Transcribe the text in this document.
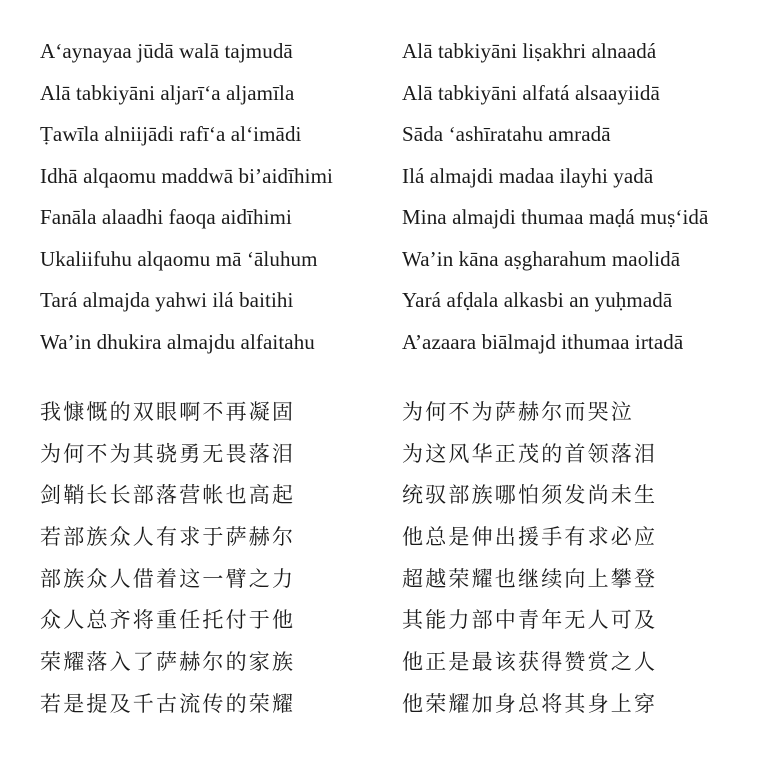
A‘aynayaa jūdā walā tajmudā
Alā tabkiyāni aljarī‘a aljamīla
Ṭawīla alniijādi rafī‘a al‘imādi
Idhā alqaomu maddwā bi’aidīhimi
Fanāla alaadhi faoqa aidīhimi
Ukaliifuhu alqaomu mā ‘āluhum
Tará almajda yahwi ilá baitihi
Wa’in dhukira almajdu alfaitahu
Alā tabkiyāni liṣakhri alnaadá
Alā tabkiyāni alfatá alsaayiidā
Sāda ‘ashīratahu amradā
Ilá almajdi madaa ilayhi yadā
Mina almajdi thumaa maḍá muṣ‘idā
Wa’in kāna aṣgharahum maolidā
Yará afḍala alkasbi an yuḥmadā
A’azaara biālmajd ithumaa irtadā
我慷慨的双眼啊不再凝固
为何不为其骁勇无畏落泪
剑鞘长长部落营帐也高起
若部族众人有求于萨赫尔
部族众人借着这一臂之力
众人总齐将重任托付于他
荣耀落入了萨赫尔的家族
若是提及千古流传的荣耀
为何不为萨赫尔而哭泣
为这风华正茂的首领落泪
统驭部族哪怕须发尚未生
他总是伸出援手有求必应
超越荣耀也继续向上攀登
其能力部中青年无人可及
他正是最该获得赞赏之人
他荣耀加身总将其身上穿
